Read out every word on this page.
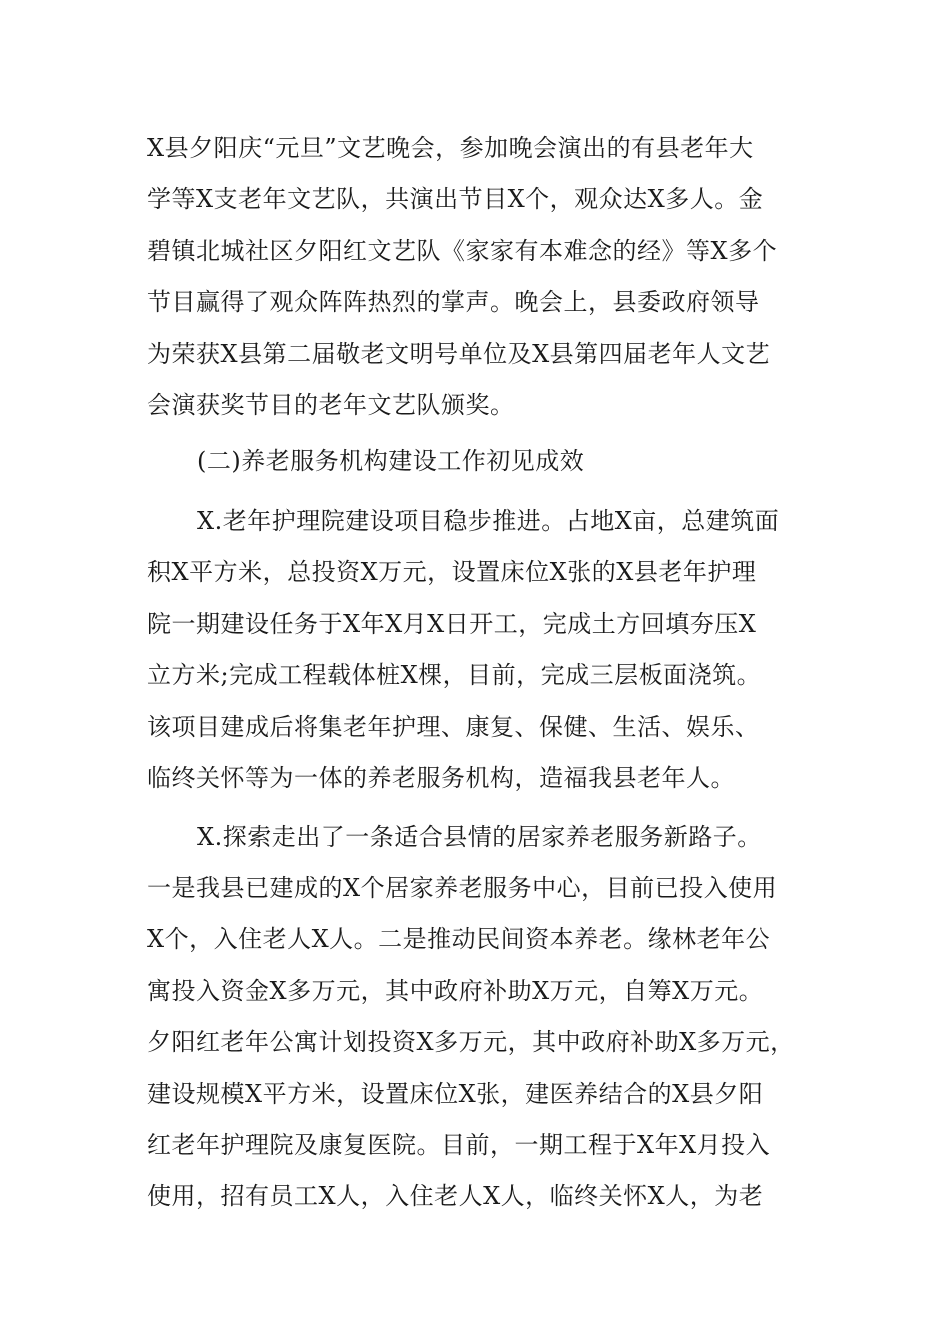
X县夕阳庆“元旦”文艺晚会，参加晚会演出的有县老年大
学等X支老年文艺队，共演出节目X个，观众达X多人。金
碧镇北城社区夕阳红文艺队《家家有本难念的经》等X多个
节目赢得了观众阵阵热烈的掌声。晚会上，县委政府领导
为荣获X县第二届敬老文明号单位及X县第四届老年人文艺
会演获奖节目的老年文艺队颁奖。
(二)养老服务机构建设工作初见成效
X.老年护理院建设项目稳步推进。占地X亩，总建筑面
积X平方米，总投资X万元，设置床位X张的X县老年护理
院一期建设任务于X年X月X日开工，完成土方回填夯压X
立方米;完成工程载体桩X棵，目前，完成三层板面浇筑。
该项目建成后将集老年护理、康复、保健、生活、娱乐、
临终关怀等为一体的养老服务机构，造福我县老年人。
X.探索走出了一条适合县情的居家养老服务新路子。
一是我县已建成的X个居家养老服务中心，目前已投入使用
X个，入住老人X人。二是推动民间资本养老。缘林老年公
寓投入资金X多万元，其中政府补助X万元，自筹X万元。
夕阳红老年公寓计划投资X多万元，其中政府补助X多万元，
建设规模X平方米，设置床位X张，建医养结合的X县夕阳
红老年护理院及康复医院。目前，一期工程于X年X月投入
使用，招有员工X人，入住老人X人，临终关怀X人，为老
